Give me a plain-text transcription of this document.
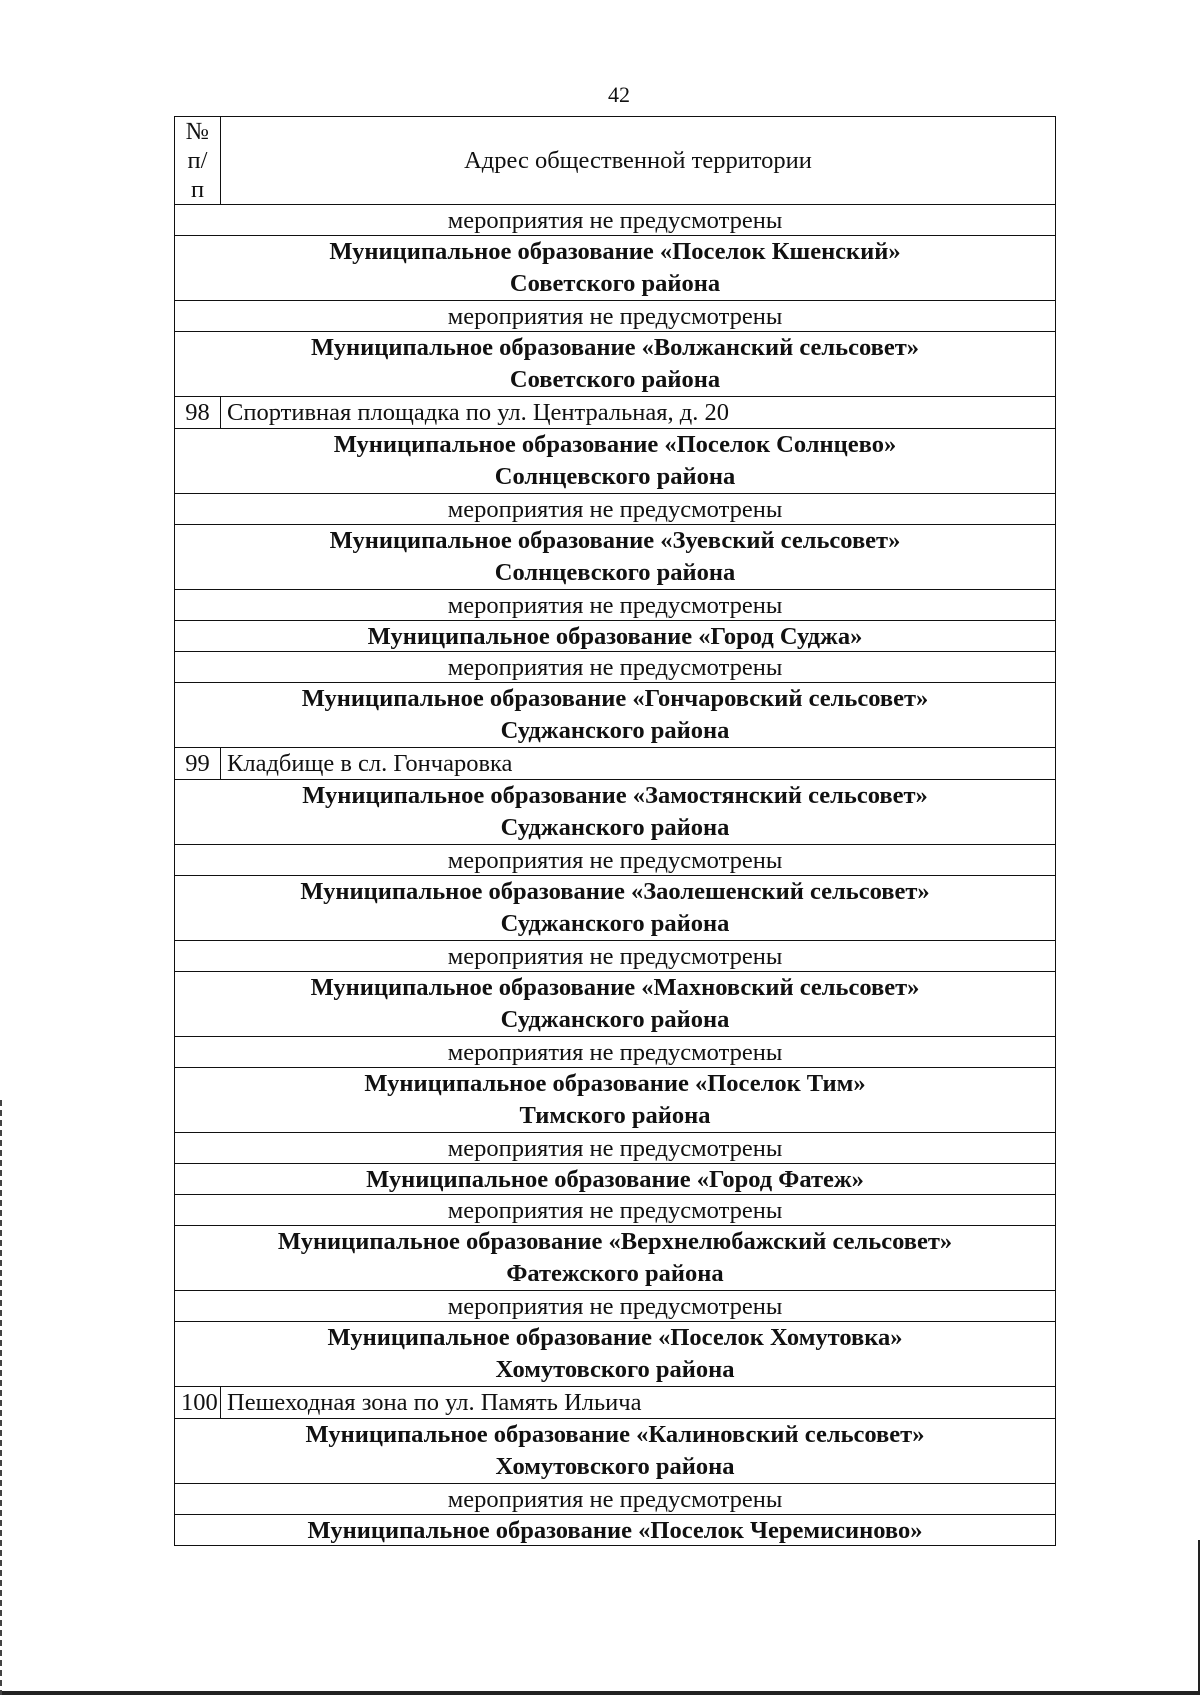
42
№ п/п	Адрес общественной территории
мероприятия не предусмотрены	

Муниципальное образование «Поселок Кшенский»
Советского района	

мероприятия не предусмотрены	

Муниципальное образование «Волжанский сельсовет»
Советского района	

98	Спортивная площадка по ул. Центральная, д. 20

Муниципальное образование «Поселок Солнцево»
Солнцевского района	

мероприятия не предусмотрены	

Муниципальное образование «Зуевский сельсовет»
Солнцевского района	

мероприятия не предусмотрены	

Муниципальное образование «Город Суджа»	

мероприятия не предусмотрены	

Муниципальное образование «Гончаровский сельсовет»
Суджанского района	

99	Кладбище в сл. Гончаровка

Муниципальное образование «Замостянский сельсовет»
Суджанского района	

мероприятия не предусмотрены	

Муниципальное образование «Заолешенский сельсовет»
Суджанского района	

мероприятия не предусмотрены	

Муниципальное образование «Махновский сельсовет»
Суджанского района	

мероприятия не предусмотрены	

Муниципальное образование «Поселок Тим»
Тимского района	

мероприятия не предусмотрены	

Муниципальное образование «Город Фатеж»	

мероприятия не предусмотрены	

Муниципальное образование «Верхнелюбажский сельсовет»
Фатежского района	

мероприятия не предусмотрены	

Муниципальное образование «Поселок Хомутовка»
Хомутовского района	

100	Пешеходная зона по ул. Память Ильича

Муниципальное образование «Калиновский сельсовет»
Хомутовского района	

мероприятия не предусмотрены	

Муниципальное образование «Поселок Черемисиново»	
